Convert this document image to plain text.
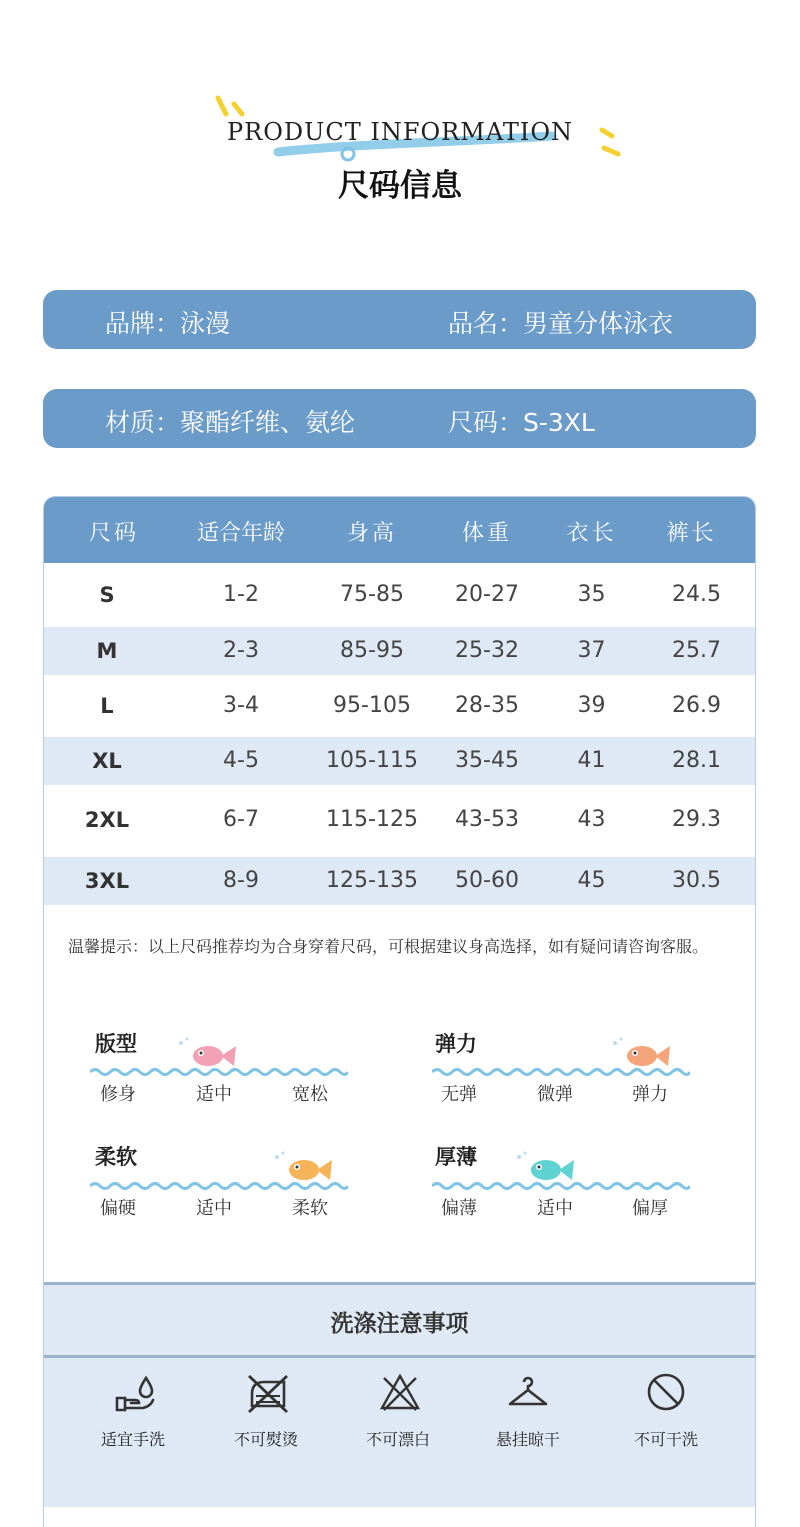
PRODUCT INFORMATION
尺码信息
品牌：泳漫	品名：男童分体泳衣
材质：聚酯纤维、氨纶	尺码：S-3XL
尺码	适合年龄	身高	体重	衣长	裤长
S	1-2	75-85	20-27	35	24.5
M	2-3	85-95	25-32	37	25.7
L	3-4	95-105	28-35	39	26.9
XL	4-5	105-115	35-45	41	28.1
2XL	6-7	115-125	43-53	43	29.3
3XL	8-9	125-135	50-60	45	30.5
温馨提示：以上尺码推荐均为合身穿着尺码，可根据建议身高选择，如有疑问请咨询客服。
版型
修身	适中	宽松
弹力
无弹	微弹	弹力
柔软
偏硬	适中	柔软
厚薄
偏薄	适中	偏厚
洗涤注意事项
适宜手洗	不可熨烫	不可漂白	悬挂晾干	不可干洗
